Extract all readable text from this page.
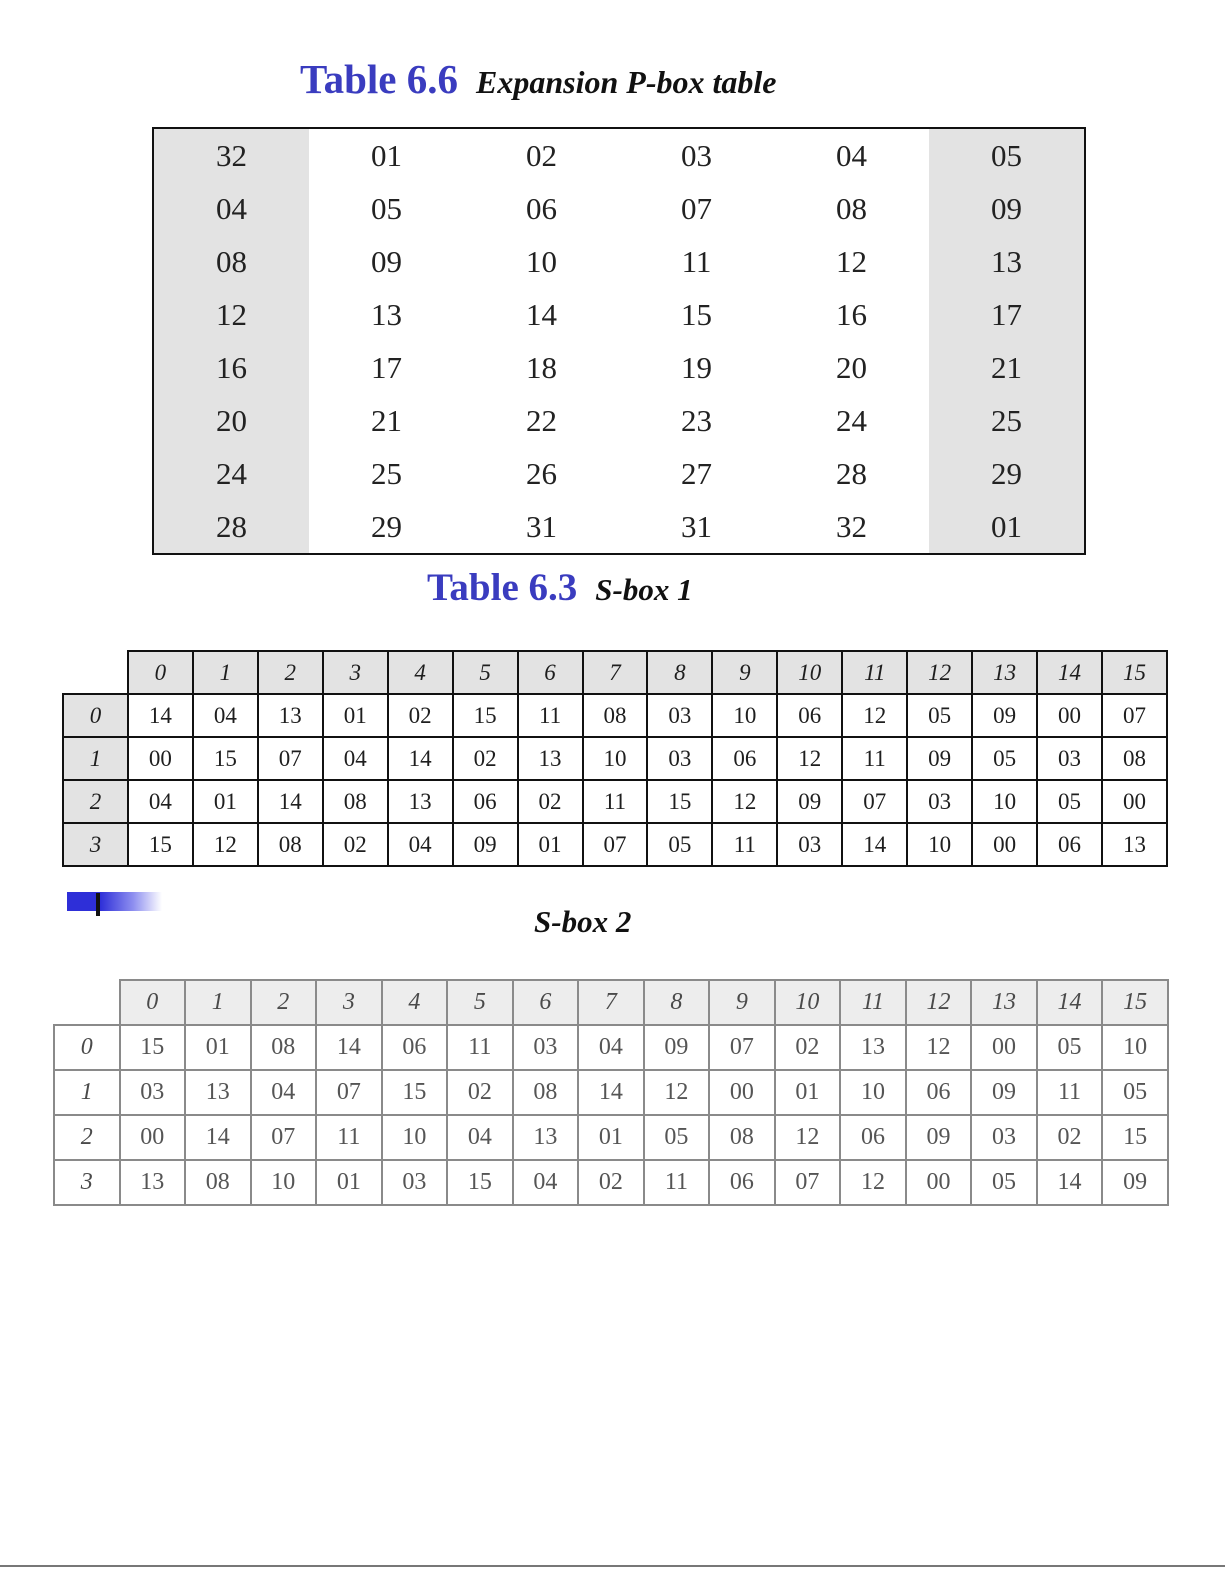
Table 6.6 Expansion P-box table
32	01	02	03	04	05
04	05	06	07	08	09
08	09	10	11	12	13
12	13	14	15	16	17
16	17	18	19	20	21
20	21	22	23	24	25
24	25	26	27	28	29
28	29	31	31	32	01
Table 6.3 S-box 1
	0	1	2	3	4	5	6	7	8	9	10	11	12	13	14	15
0	14	04	13	01	02	15	11	08	03	10	06	12	05	09	00	07
1	00	15	07	04	14	02	13	10	03	06	12	11	09	05	03	08
2	04	01	14	08	13	06	02	11	15	12	09	07	03	10	05	00
3	15	12	08	02	04	09	01	07	05	11	03	14	10	00	06	13
S-box 2
	0	1	2	3	4	5	6	7	8	9	10	11	12	13	14	15
0	15	01	08	14	06	11	03	04	09	07	02	13	12	00	05	10
1	03	13	04	07	15	02	08	14	12	00	01	10	06	09	11	05
2	00	14	07	11	10	04	13	01	05	08	12	06	09	03	02	15
3	13	08	10	01	03	15	04	02	11	06	07	12	00	05	14	09
